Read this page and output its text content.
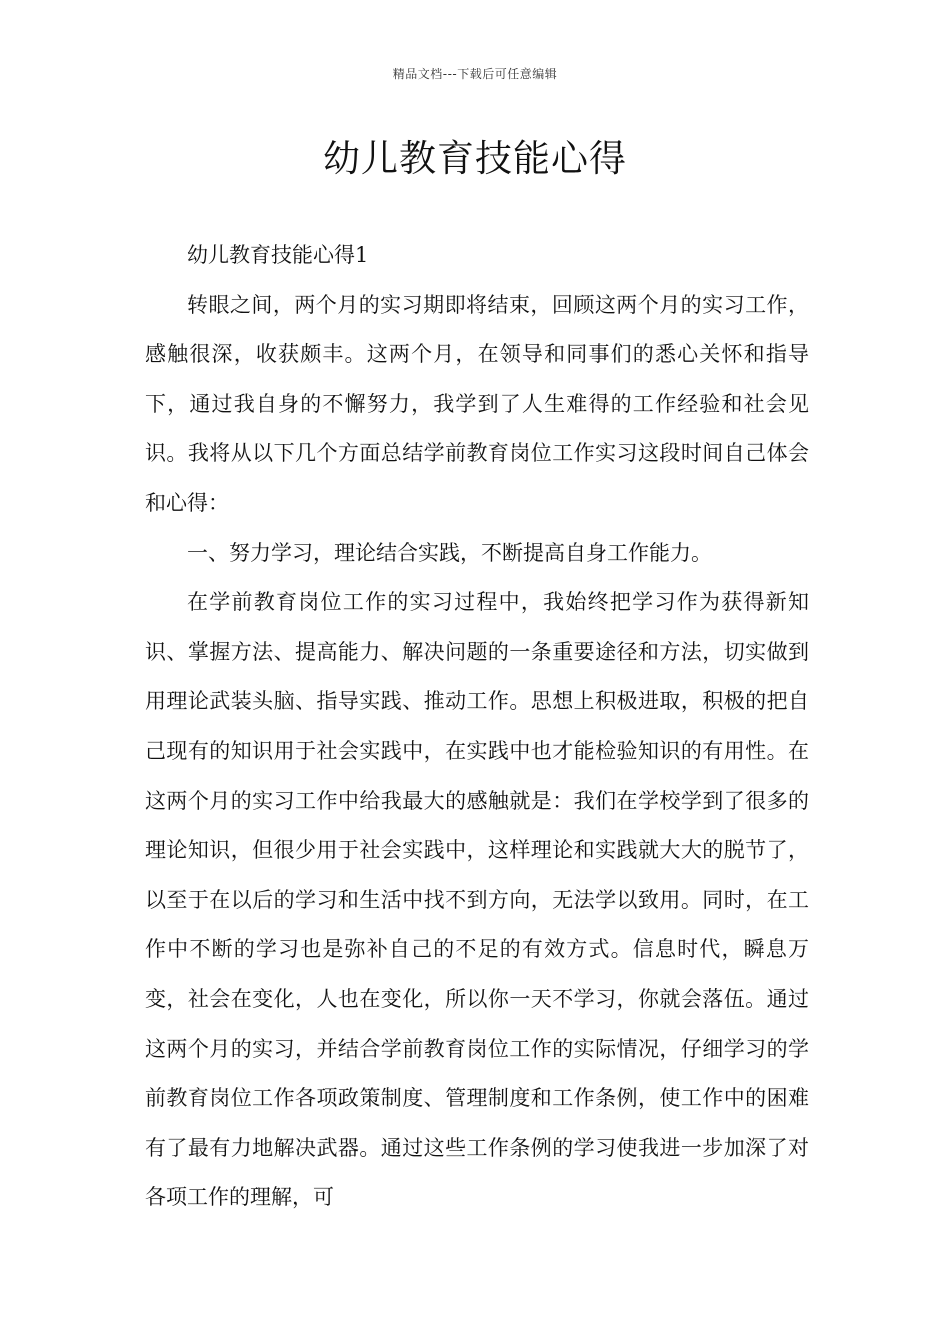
精品文档---下载后可任意编辑
幼儿教育技能心得

幼儿教育技能心得1

转眼之间，两个月的实习期即将结束，回顾这两个月的实习工作，感触很深，收获颇丰。这两个月，在领导和同事们的悉心关怀和指导下，通过我自身的不懈努力，我学到了人生难得的工作经验和社会见识。我将从以下几个方面总结学前教育岗位工作实习这段时间自己体会和心得：

一、努力学习，理论结合实践，不断提高自身工作能力。

在学前教育岗位工作的实习过程中，我始终把学习作为获得新知识、掌握方法、提高能力、解决问题的一条重要途径和方法，切实做到用理论武装头脑、指导实践、推动工作。思想上积极进取，积极的把自己现有的知识用于社会实践中，在实践中也才能检验知识的有用性。在这两个月的实习工作中给我最大的感触就是：我们在学校学到了很多的理论知识，但很少用于社会实践中，这样理论和实践就大大的脱节了，以至于在以后的学习和生活中找不到方向，无法学以致用。同时，在工作中不断的学习也是弥补自己的不足的有效方式。信息时代，瞬息万变，社会在变化，人也在变化，所以你一天不学习，你就会落伍。通过这两个月的实习，并结合学前教育岗位工作的实际情况，仔细学习的学前教育岗位工作各项政策制度、管理制度和工作条例，使工作中的困难有了最有力地解决武器。通过这些工作条例的学习使我进一步加深了对各项工作的理解，可
